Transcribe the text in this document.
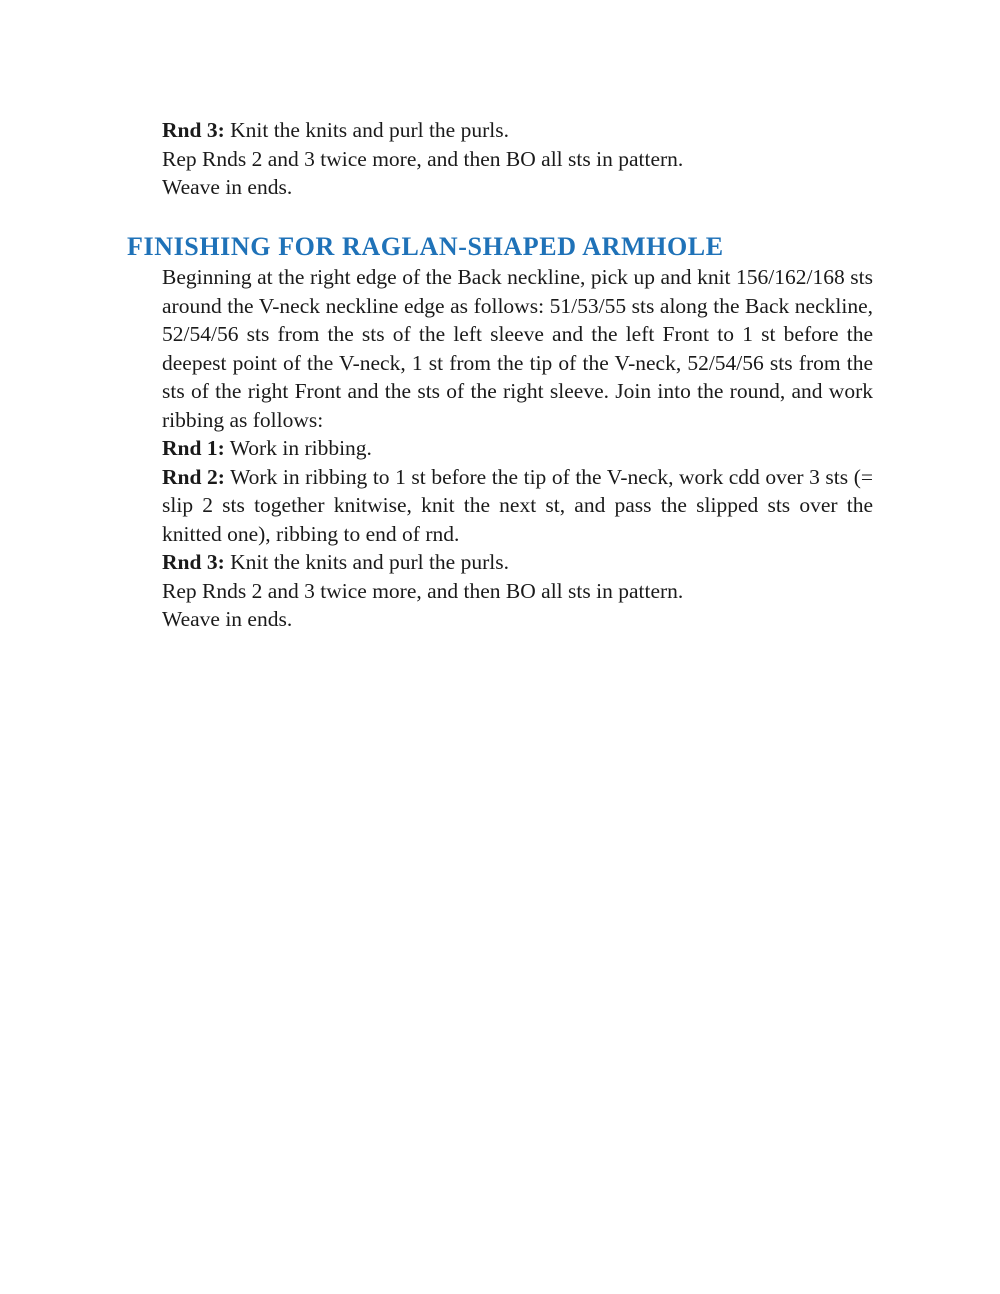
Rnd 3: Knit the knits and purl the purls.

Rep Rnds 2 and 3 twice more, and then BO all sts in pattern.

Weave in ends.

FINISHING FOR RAGLAN-SHAPED ARMHOLE

Beginning at the right edge of the Back neckline, pick up and knit 156/162/168 sts around the V-neck neckline edge as follows: 51/53/55 sts along the Back neckline, 52/54/56 sts from the sts of the left sleeve and the left Front to 1 st before the deepest point of the V-neck, 1 st from the tip of the V-neck, 52/54/56 sts from the sts of the right Front and the sts of the right sleeve. Join into the round, and work ribbing as follows:

Rnd 1: Work in ribbing.

Rnd 2: Work in ribbing to 1 st before the tip of the V-neck, work cdd over 3 sts (= slip 2 sts together knitwise, knit the next st, and pass the slipped sts over the knitted one), ribbing to end of rnd.

Rnd 3: Knit the knits and purl the purls.

Rep Rnds 2 and 3 twice more, and then BO all sts in pattern.

Weave in ends.
